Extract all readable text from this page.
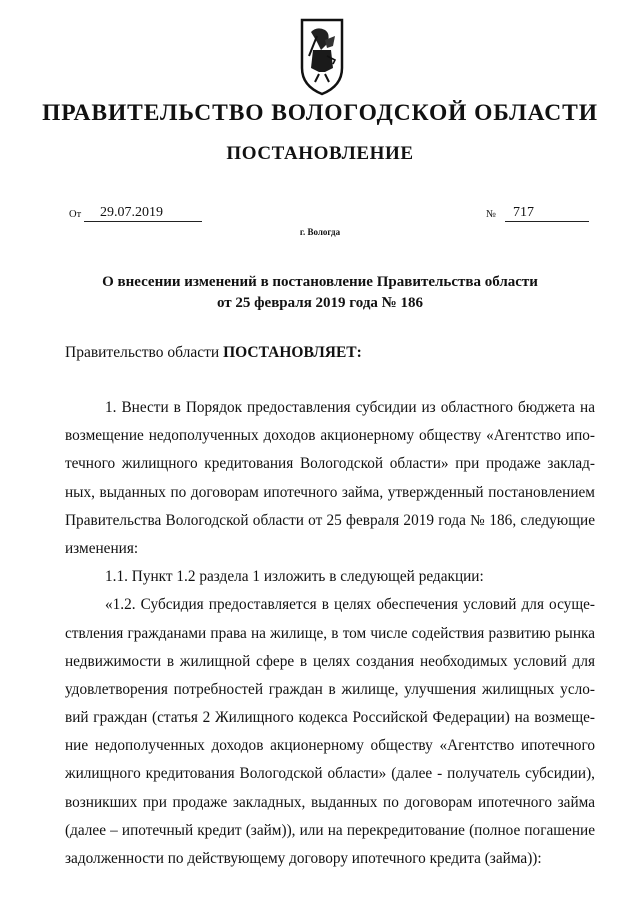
ПРАВИТЕЛЬСТВО ВОЛОГОДСКОЙ ОБЛАСТИ
ПОСТАНОВЛЕНИЕ
От	29.07.2019	№	717
г. Вологда
О внесении изменений в постановление Правительства области
от 25 февраля 2019 года № 186
Правительство области ПОСТАНОВЛЯЕТ:
1. Внести в Порядок предоставления субсидии из областного бюджета на
возмещение недополученных доходов акционерному обществу «Агентство ипо-
течного жилищного кредитования Вологодской области» при продаже заклад-
ных, выданных по договорам ипотечного займа, утвержденный постановлением
Правительства Вологодской области от 25 февраля 2019 года № 186, следующие
изменения:
1.1. Пункт 1.2 раздела 1 изложить в следующей редакции:
«1.2. Субсидия предоставляется в целях обеспечения условий для осуще-
ствления гражданами права на жилище, в том числе содействия развитию рынка
недвижимости в жилищной сфере в целях создания необходимых условий для
удовлетворения потребностей граждан в жилище, улучшения жилищных усло-
вий граждан (статья 2 Жилищного кодекса Российской Федерации) на возмеще-
ние недополученных доходов акционерному обществу «Агентство ипотечного
жилищного кредитования Вологодской области» (далее - получатель субсидии),
возникших при продаже закладных, выданных по договорам ипотечного займа
(далее – ипотечный кредит (займ)), или на перекредитование (полное погашение
задолженности по действующему договору ипотечного кредита (займа)):
